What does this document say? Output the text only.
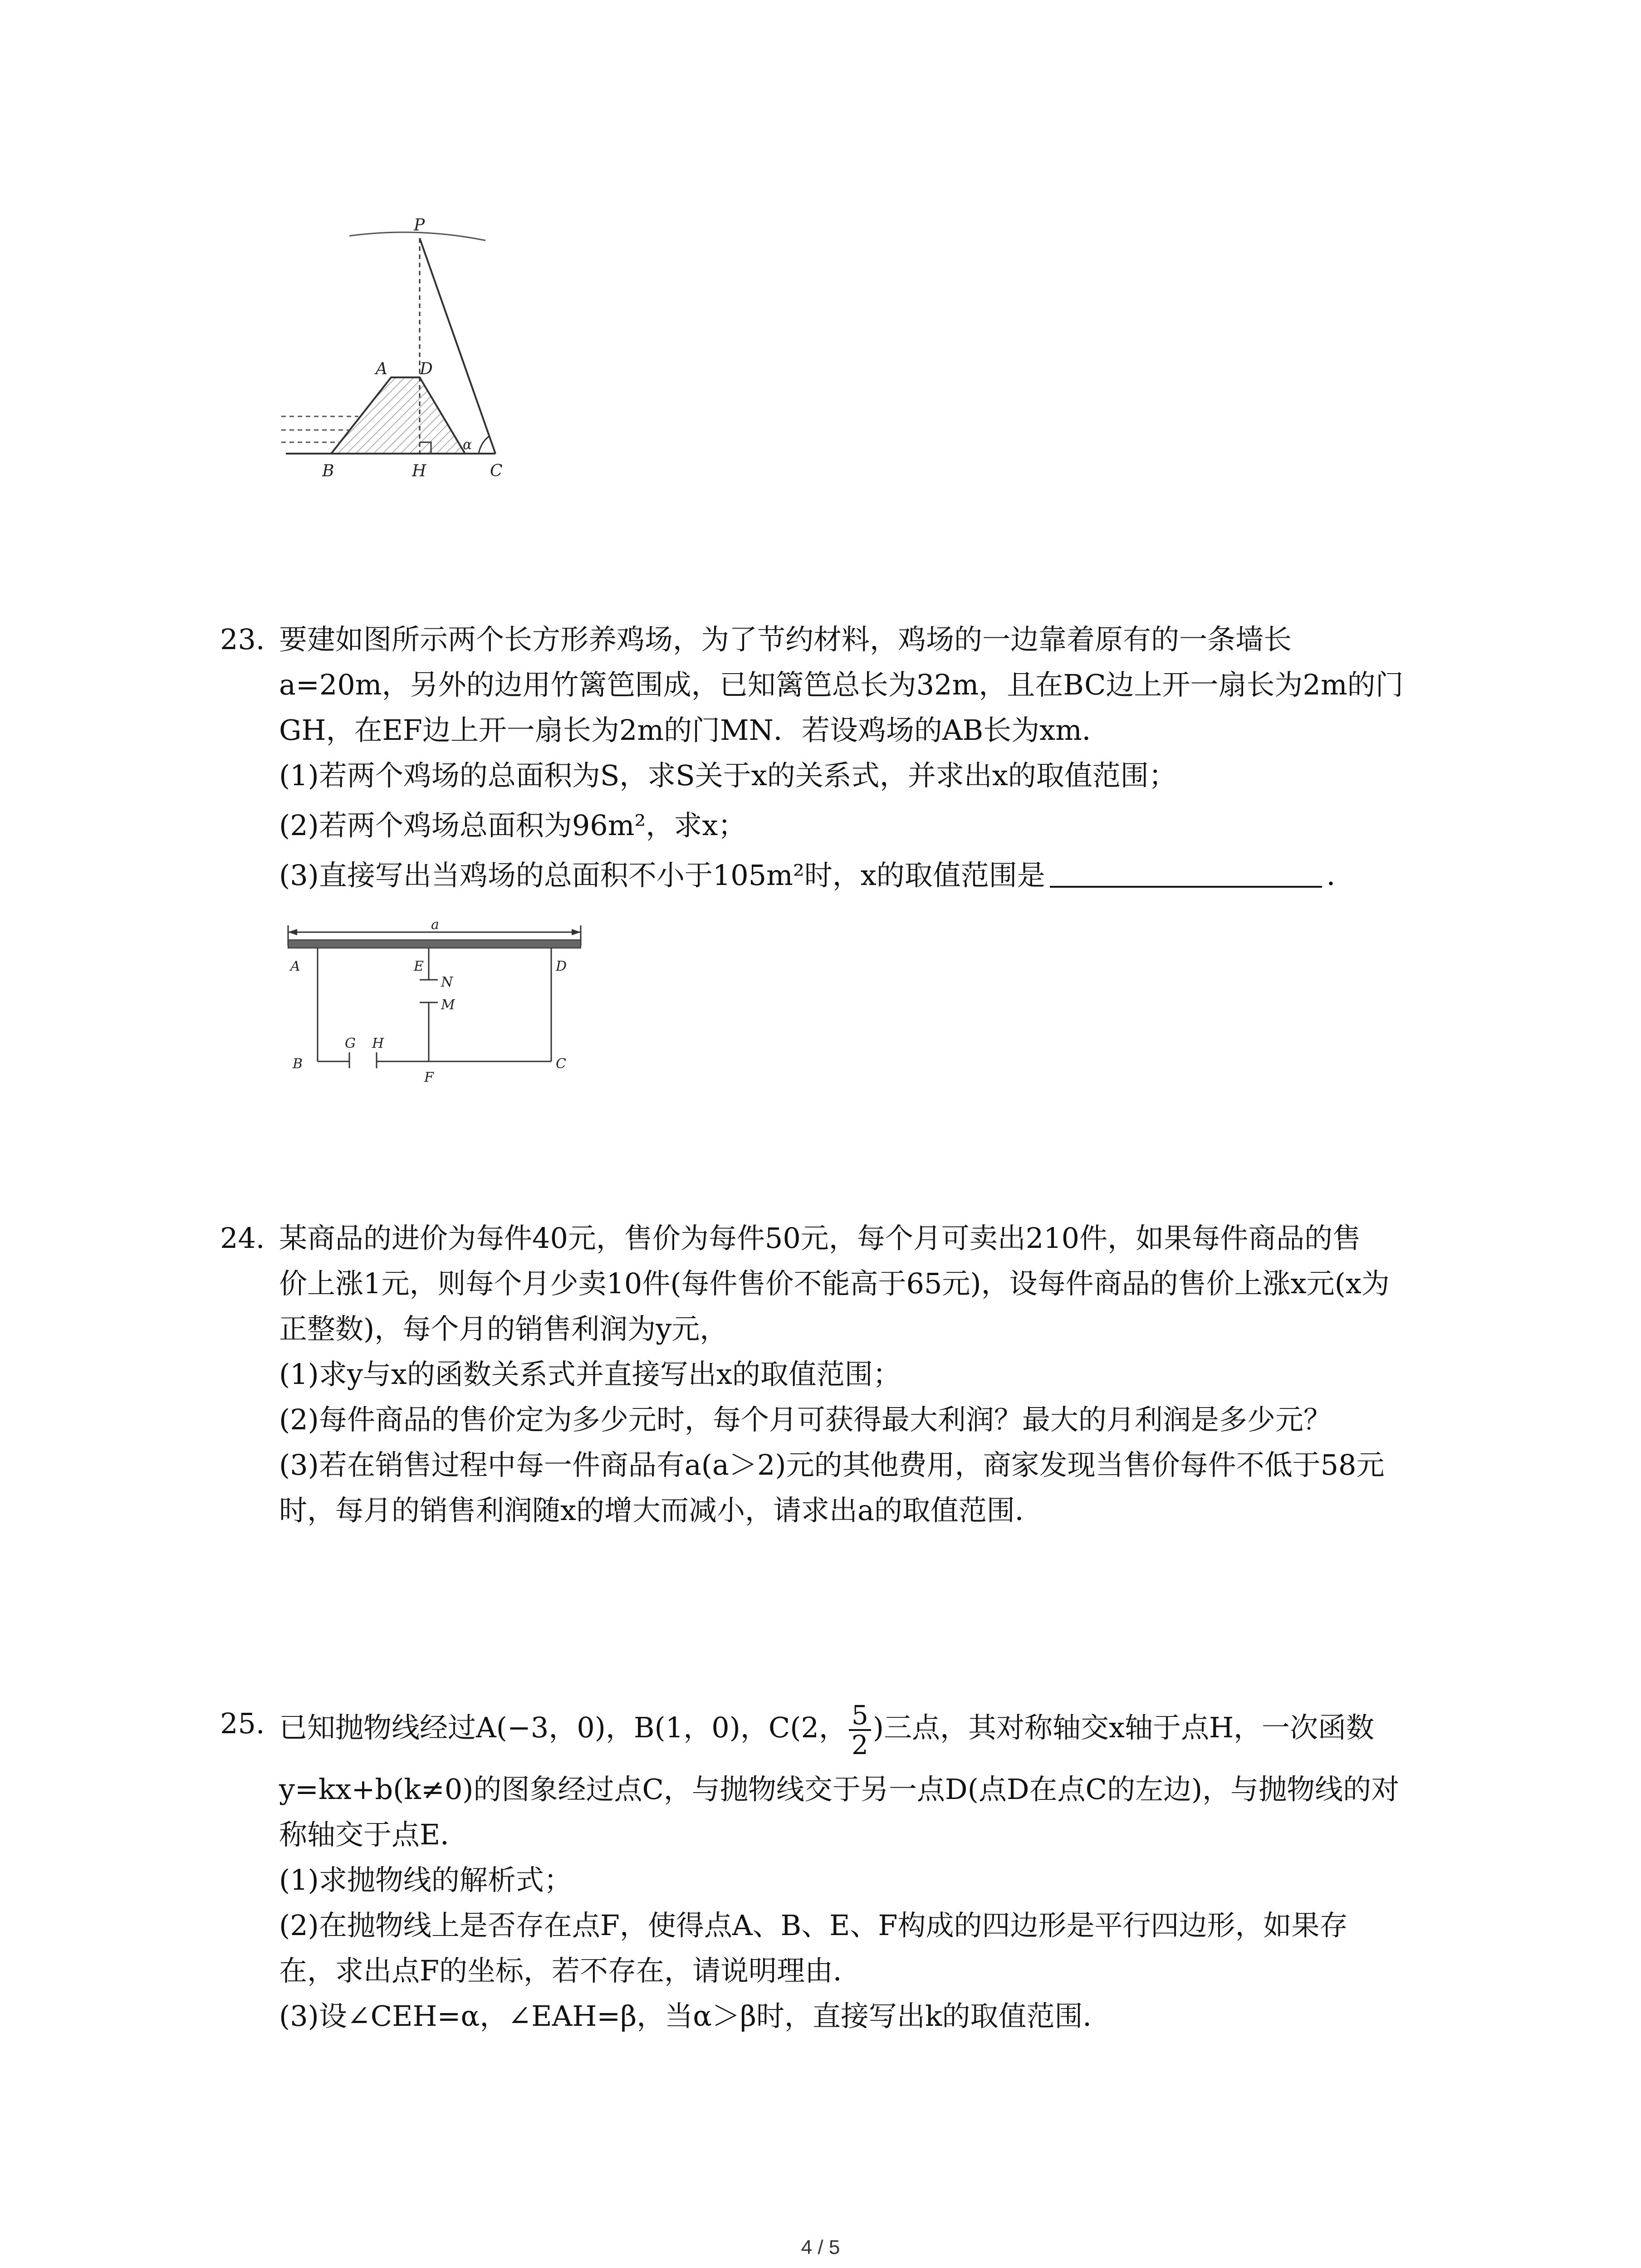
P
A D
B	H	C
α
23. 要建如图所示两个长方形养鸡场，为了节约材料，鸡场的一边靠着原有的一条墙长
a=20m，另外的边用竹篱笆围成，已知篱笆总长为32m，且在BC边上开一扇长为2m的门
GH，在EF边上开一扇长为2m的门MN．若设鸡场的AB长为xm．
(1)若两个鸡场的总面积为S，求S关于x的关系式，并求出x的取值范围；
(2)若两个鸡场总面积为96m²，求x；
(3)直接写出当鸡场的总面积不小于105m²时，x的取值范围是	．
a
A	E	D
N
M
B
G H
F
C
24. 某商品的进价为每件40元，售价为每件50元，每个月可卖出210件，如果每件商品的售
价上涨1元，则每个月少卖10件(每件售价不能高于65元)，设每件商品的售价上涨x元(x为
正整数)，每个月的销售利润为y元，
(1)求y与x的函数关系式并直接写出x的取值范围；
(2)每件商品的售价定为多少元时，每个月可获得最大利润？最大的月利润是多少元？
(3)若在销售过程中每一件商品有a(a＞2)元的其他费用，商家发现当售价每件不低于58元
时，每月的销售利润随x的增大而减小，请求出a的取值范围．
25. 已知抛物线经过A(−3，0)，B(1，0)，C(2， $\frac{5}{2}$ )三点，其对称轴交x轴于点H，一次函数
y=kx+b(k≠0)的图象经过点C，与抛物线交于另一点D(点D在点C的左边)，与抛物线的对
称轴交于点E．
(1)求抛物线的解析式；
(2)在抛物线上是否存在点F，使得点A、B、E、F构成的四边形是平行四边形，如果存
在，求出点F的坐标，若不存在，请说明理由．
(3)设∠CEH=α，∠EAH=β，当α＞β时，直接写出k的取值范围．
4 / 5
